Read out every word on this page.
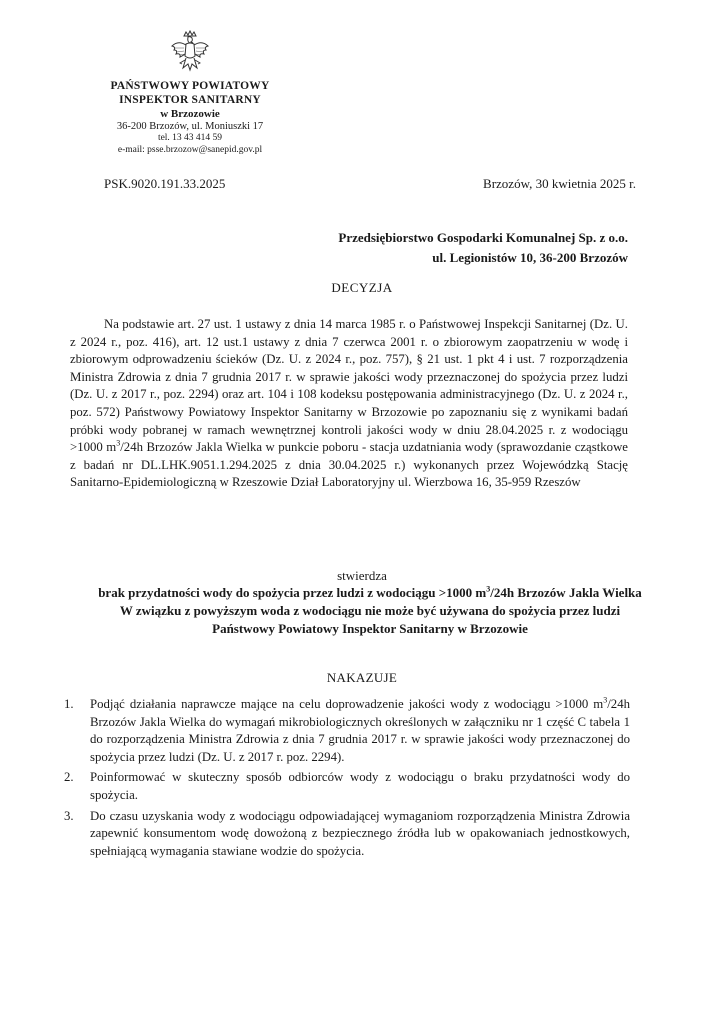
PAŃSTWOWY POWIATOWY
INSPEKTOR SANITARNY
w Brzozowie
36-200 Brzozów, ul. Moniuszki 17
tel. 13 43 414 59
e-mail: psse.brzozow@sanepid.gov.pl
PSK.9020.191.33.2025	Brzozów, 30 kwietnia 2025 r.
Przedsiębiorstwo Gospodarki Komunalnej Sp. z o.o.
ul. Legionistów 10, 36-200 Brzozów
DECYZJA

Na podstawie art. 27 ust. 1 ustawy z dnia 14 marca 1985 r. o Państwowej Inspekcji Sanitarnej (Dz. U. z 2024 r., poz. 416), art. 12 ust.1 ustawy z dnia 7 czerwca 2001 r. o zbiorowym zaopatrzeniu w wodę i zbiorowym odprowadzeniu ścieków (Dz. U. z 2024 r., poz. 757), § 21 ust. 1 pkt 4 i ust. 7 rozporządzenia Ministra Zdrowia z dnia 7 grudnia 2017 r. w sprawie jakości wody przeznaczonej do spożycia przez ludzi (Dz. U. z 2017 r., poz. 2294) oraz art. 104 i 108 kodeksu postępowania administracyjnego (Dz. U. z 2024 r., poz. 572) Państwowy Powiatowy Inspektor Sanitarny w Brzozowie po zapoznaniu się z wynikami badań próbki wody pobranej w ramach wewnętrznej kontroli jakości wody w dniu 28.04.2025 r. z wodociągu >1000 $m^3/24h$ Brzozów Jakla Wielka w punkcie poboru - stacja uzdatniania wody (sprawozdanie cząstkowe z badań nr DL.LHK.9051.1.294.2025 z dnia 30.04.2025 r.) wykonanych przez Wojewódzką Stację Sanitarno-Epidemiologiczną w Rzeszowie Dział Laboratoryjny ul. Wierzbowa 16, 35-959 Rzeszów

stwierdza
brak przydatności wody do spożycia przez ludzi z wodociągu >1000 $m^3/24h$ Brzozów Jakla Wielka
W związku z powyższym woda z wodociągu nie może być używana do spożycia przez ludzi
Państwowy Powiatowy Inspektor Sanitarny w Brzozowie
NAKAZUJE
1.	Podjąć działania naprawcze mające na celu doprowadzenie jakości wody z wodociągu >1000 $m^3/24h$ Brzozów Jakla Wielka do wymagań mikrobiologicznych określonych w załączniku nr 1 część C tabela 1 do rozporządzenia Ministra Zdrowia z dnia 7 grudnia 2017 r. w sprawie jakości wody przeznaczonej do spożycia przez ludzi (Dz. U. z 2017 r. poz. 2294).
2.	Poinformować w skuteczny sposób odbiorców wody z wodociągu o braku przydatności wody do spożycia.
3.	Do czasu uzyskania wody z wodociągu odpowiadającej wymaganiom rozporządzenia Ministra Zdrowia zapewnić konsumentom wodę dowożoną z bezpiecznego źródła lub w opakowaniach jednostkowych, spełniającą wymagania stawiane wodzie do spożycia.
